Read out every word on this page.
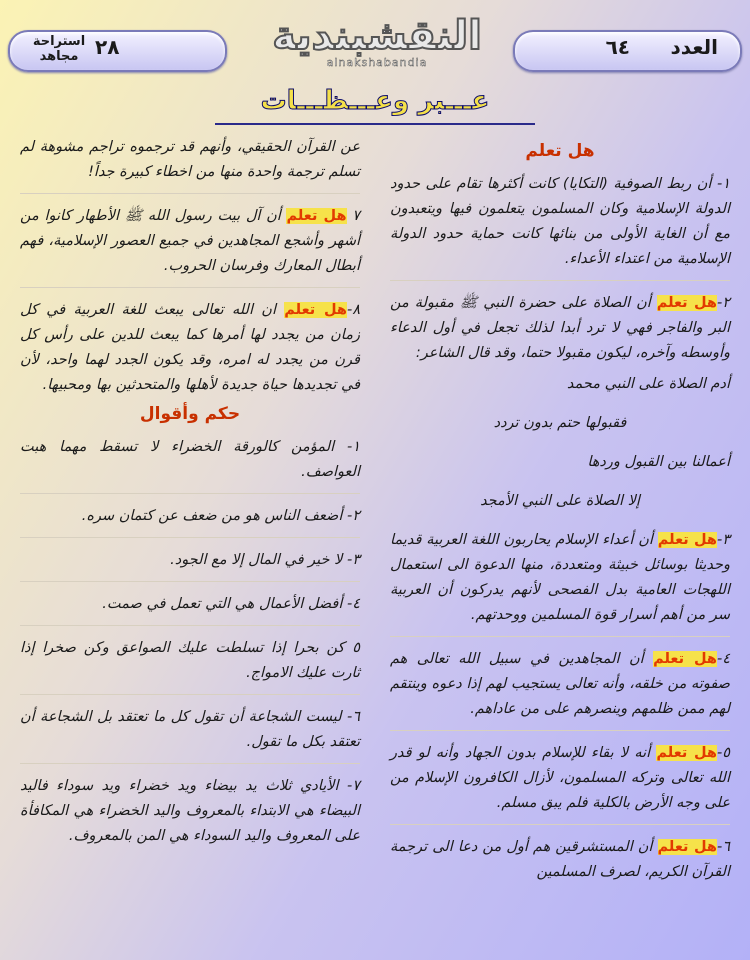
العدد
٦٤
النقشبندية
alnakshabandia
٢٨
استراحة
مجاهد
عـــبر وعـــظـــات
هل تعلم

١- أن ربط الصوفية (التكايا) كانت أكثرها تقام على حدود الدولة الإسلامية وكان المسلمون يتعلمون فيها ويتعبدون مع أن الغاية الأولى من بنائها كانت حماية حدود الدولة الإسلامية من اعتداء الأعداء.

٢-هل تعلم أن الصلاة على حضرة النبي ﷺ مقبولة من البر والفاجر فهي لا ترد أبدا لذلك تجعل في أول الدعاء وأوسطه وآخره، ليكون مقبولا حتما، وقد قال الشاعر:

أدم الصلاة على النبي محمد
فقبولها حتم بدون تردد
أعمالنا بين القبول وردها
إلا الصلاة على النبي الأمجد

٣-هل تعلم أن أعداء الإسلام يحاربون اللغة العربية قديما وحديثا بوسائل خبيثة ومتعددة، منها الدعوة الى استعمال اللهجات العامية بدل الفصحى لأنهم يدركون أن العربية سر من أهم أسرار قوة المسلمين ووحدتهم.

٤-هل تعلم أن المجاهدين في سبيل الله تعالى هم صفوته من خلقه، وأنه تعالى يستجيب لهم إذا دعوه وينتقم لهم ممن ظلمهم وينصرهم على من عاداهم.

٥-هل تعلم أنه لا بقاء للإسلام بدون الجهاد وأنه لو قدر الله تعالى وتركه المسلمون، لأزال الكافرون الإسلام من على وجه الأرض بالكلية فلم يبق مسلم.

٦-هل تعلم أن المستشرقين هم أول من دعا الى ترجمة القرآن الكريم، لصرف المسلمين

عن القرآن الحقيقي، وأنهم قد ترجموه تراجم مشوهة لم تسلم ترجمة واحدة منها من اخطاء كبيرة جداً!

٧ هل تعلم أن آل بيت رسول الله ﷺ الأطهار كانوا من أشهر وأشجع المجاهدين في جميع العصور الإسلامية، فهم أبطال المعارك وفرسان الحروب.

٨-هل تعلم ان الله تعالى يبعث للغة العربية في كل زمان من يجدد لها أمرها كما يبعث للدين على رأس كل قرن من يجدد له امره، وقد يكون الجدد لهما واحد، لأن في تجديدها حياة جديدة لأهلها والمتحدثين بها ومحبيها.

حكم وأقوال

١- المؤمن كالورقة الخضراء لا تسقط مهما هبت العواصف.

٢- أضعف الناس هو من ضعف عن كتمان سره.

٣- لا خير في المال إلا مع الجود.

٤- أفضل الأعمال هي التي تعمل في صمت.

٥ كن بحرا إذا تسلطت عليك الصواعق وكن صخرا إذا ثارت عليك الامواج.

٦- ليست الشجاعة أن تقول كل ما تعتقد بل الشجاعة أن تعتقد بكل ما تقول.

٧- الأيادي ثلاث يد بيضاء ويد خضراء ويد سوداء فاليد البيضاء هي الابتداء بالمعروف واليد الخضراء هي المكافأة على المعروف واليد السوداء هي المن بالمعروف.
